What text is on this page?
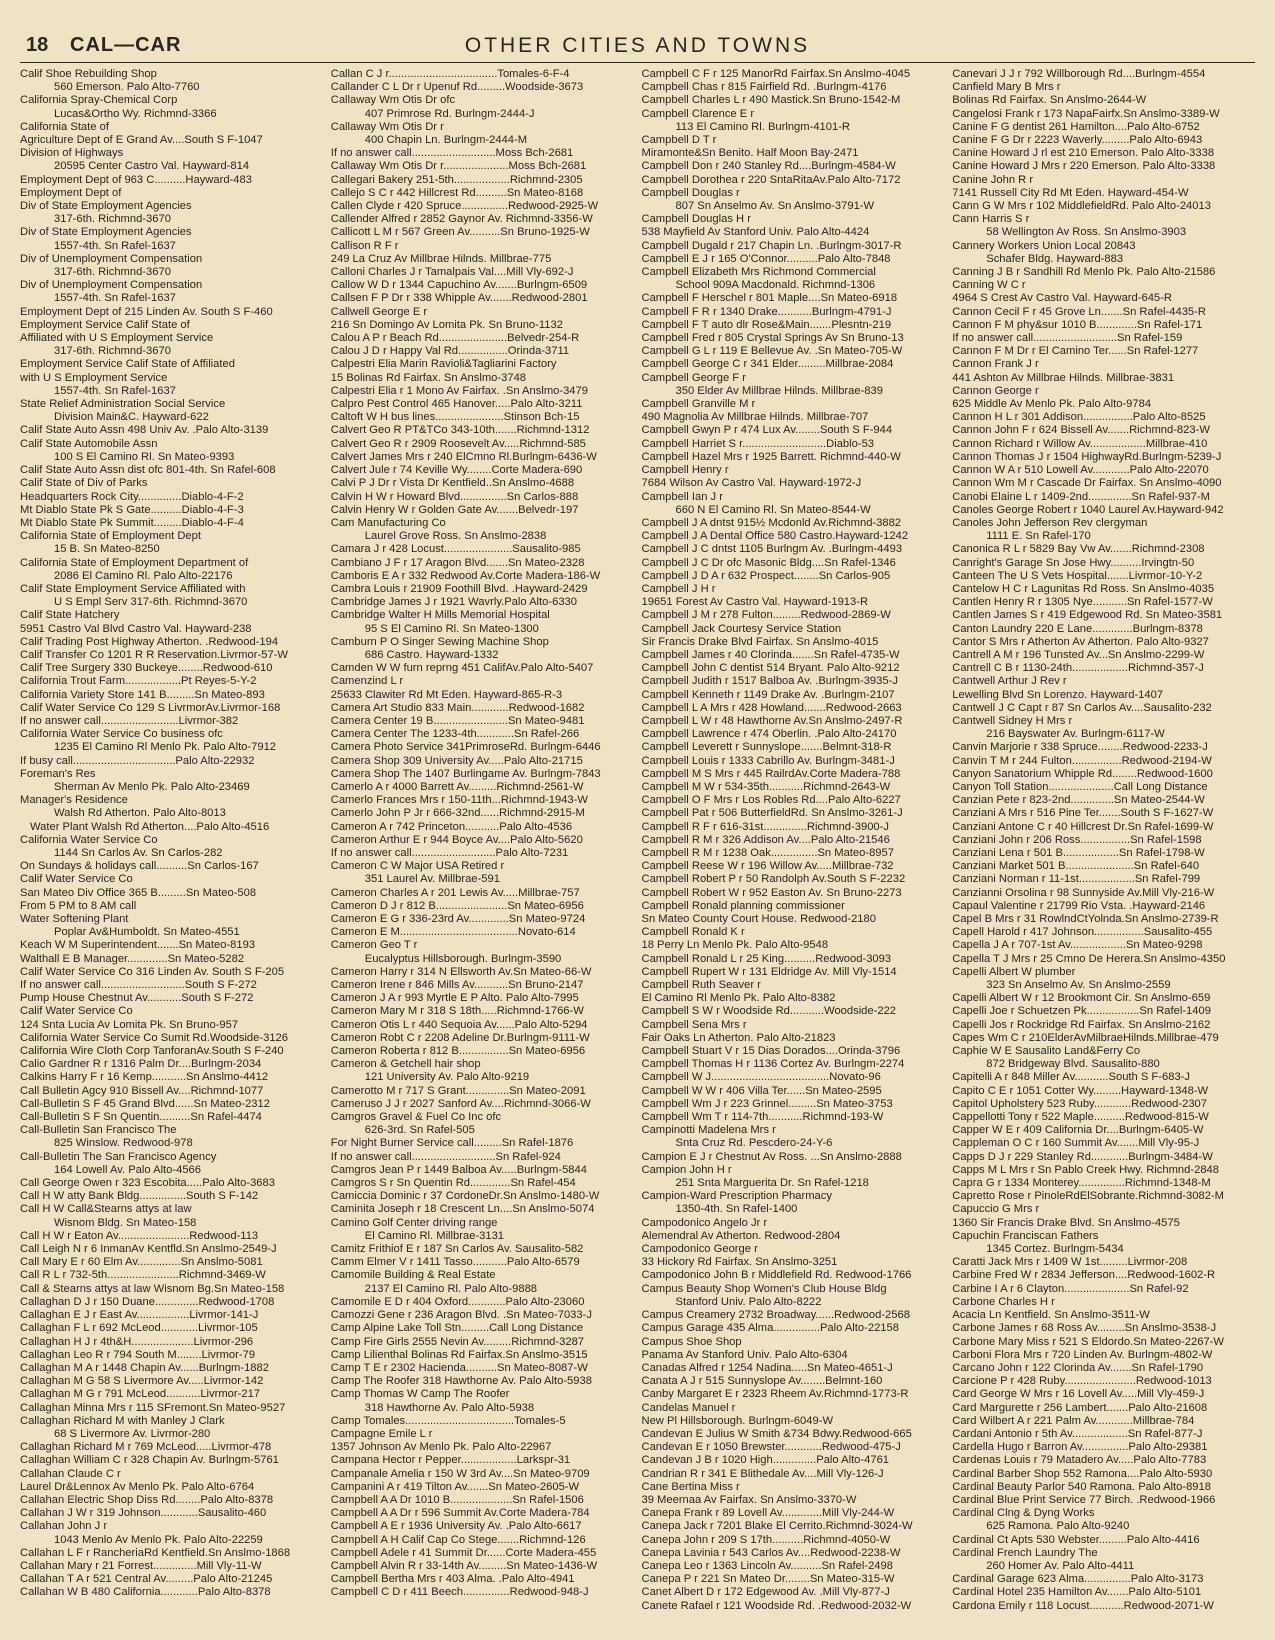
18 CAL—CAR	OTHER CITIES AND TOWNS
Calif Shoe Rebuilding Shop
560 Emerson. Palo Alto-7760
California Spray-Chemical Corp
Lucas&Ortho Wy. Richmnd-3366
California State of
Agriculture Dept of E Grand Av....South S F-1047
Division of Highways
20595 Center Castro Val. Hayward-814
Employment Dept of 963 C..........Hayward-483
Employment Dept of
Div of State Employment Agencies
317-6th. Richmnd-3670
Div of State Employment Agencies
1557-4th. Sn Rafel-1637
Div of Unemployment Compensation
317-6th. Richmnd-3670
Div of Unemployment Compensation
1557-4th. Sn Rafel-1637
Employment Dept of 215 Linden Av. South S F-460
Employment Service Calif State of
Affiliated with U S Employment Service
317-6th. Richmnd-3670
Employment Service Calif State of Affiliated
with U S Employment Service
1557-4th. Sn Rafel-1637
State Relief Administration Social Service
Division Main&C. Hayward-622
Calif State Auto Assn 498 Univ Av. .Palo Alto-3139
Calif State Automobile Assn
100 S El Camino Rl. Sn Mateo-9393
Calif State Auto Assn dist ofc 801-4th. Sn Rafel-608
Calif State of Div of Parks
Headquarters Rock City..............Diablo-4-F-2
Mt Diablo State Pk S Gate..........Diablo-4-F-3
Mt Diablo State Pk Summit.........Diablo-4-F-4
California State of Employment Dept
15 B. Sn Mateo-8250
California State of Employment Department of
2086 El Camino Rl. Palo Alto-22176
Calif State Employment Service Affiliated with
U S Empl Serv 317-6th. Richmnd-3670
Calif State Hatchery
5951 Castro Val Blvd Castro Val. Hayward-238
Calif Trading Post Highway Atherton. .Redwood-194
Calif Transfer Co 1201 R R Reservation.Livrmor-57-W
Calif Tree Surgery 330 Buckeye........Redwood-610
California Trout Farm..................Pt Reyes-5-Y-2
California Variety Store 141 B.........Sn Mateo-893
Calif Water Service Co 129 S LivrmorAv.Livrmor-168
If no answer call.........................Livrmor-382
California Water Service Co business ofc
1235 El Camino Rl Menlo Pk. Palo Alto-7912
If busy call.................................Palo Alto-22932
Foreman's Res
Sherman Av Menlo Pk. Palo Alto-23469
Manager's Residence
Walsh Rd Atherton. Palo Alto-8013
Water Plant Walsh Rd Atherton....Palo Alto-4516
California Water Service Co
1144 Sn Carlos Av. Sn Carlos-282
On Sundays & holidays call..........Sn Carlos-167
Calif Water Service Co
San Mateo Div Office 365 B.........Sn Mateo-508
From 5 PM to 8 AM call
Water Softening Plant
Poplar Av&Humboldt. Sn Mateo-4551
Keach W M Superintendent.......Sn Mateo-8193
Walthall E B Manager.............Sn Mateo-5282
Calif Water Service Co 316 Linden Av. South S F-205
If no answer call...........................South S F-272
Pump House Chestnut Av...........South S F-272
Calif Water Service Co
124 Snta Lucia Av Lomita Pk. Sn Bruno-957
California Water Service Co Sumit Rd.Woodside-3126
California Wire Cloth Corp TanforanAv.South S F-240
Calio Gardner R r 1316 Palm Dr....Burlngm-2034
Calkins Harry F r 16 Kemp...........Sn Anslmo-4412
Call Bulletin Agcy 910 Bissell Av....Richmnd-1077
Call-Bulletin S F 45 Grand Blvd......Sn Mateo-2312
Call-Bulletin S F Sn Quentin..........Sn Rafel-4474
Call-Bulletin San Francisco The
825 Winslow. Redwood-978
Call-Bulletin The San Francisco Agency
164 Lowell Av. Palo Alto-4566
Call George Owen r 323 Escobita.....Palo Alto-3683
Call H W atty Bank Bldg...............South S F-142
Call H W Call&Stearns attys at law
Wisnom Bldg. Sn Mateo-158
Call H W r Eaton Av.......................Redwood-113
Call Leigh N r 6 InmanAv Kentfld.Sn Anslmo-2549-J
Call Mary E r 60 Elm Av..............Sn Anslmo-5081
Call R L r 732-5th.......................Richmnd-3469-W
Call & Stearns attys at law Wisnom Bg.Sn Mateo-158
Callaghan D J r 150 Duane..............Redwood-1708
Callaghan E J r East Av.................Livrmor-141-J
Callaghan F L r 692 McLeod............Livrmor-105
Callaghan H J r 4th&H....................Livrmor-296
Callaghan Leo R r 794 South M........Livrmor-79
Callaghan M A r 1448 Chapin Av......Burlngm-1882
Callaghan M G 58 S Livermore Av.....Livrmor-142
Callaghan M G r 791 McLeod...........Livrmor-217
Callaghan Minna Mrs r 115 SFremont.Sn Mateo-9527
Callaghan Richard M with Manley J Clark
68 S Livermore Av. Livrmor-280
Callaghan Richard M r 769 McLeod.....Livrmor-478
Callaghan William C r 328 Chapin Av. Burlngm-5761
Callahan Claude C r
Laurel Dr&Lennox Av Menlo Pk. Palo Alto-6764
Callahan Electric Shop Diss Rd........Palo Alto-8378
Callahan J W r 319 Johnson............Sausalito-460
Callahan John J r
1043 Menlo Av Menlo Pk. Palo Alto-22259
Callahan L F r RancheriaRd Kentfield.Sn Anslmo-1868
Callahan Mary r 21 Forrest..............Mill Vly-11-W
Callahan T A r 521 Central Av.........Palo Alto-21245
Callahan W B 480 California............Palo Alto-8378
Callan C J r...................................Tomales-6-F-4
Callander C L Dr r Upenuf Rd.........Woodside-3673
Callaway Wm Otis Dr ofc
407 Primrose Rd. Burlngm-2444-J
Callaway Wm Otis Dr r
400 Chapin Ln. Burlngm-2444-M
If no answer call...........................Moss Bch-2681
Callaway Wm Otis Dr r.....................Moss Bch-2681
Callegari Bakery 251-5th..................Richmnd-2305
Callejo S C r 442 Hillcrest Rd..........Sn Mateo-8168
Callen Clyde r 420 Spruce...............Redwood-2925-W
Callender Alfred r 2852 Gaynor Av. Richmnd-3356-W
Callicott L M r 567 Green Av..........Sn Bruno-1925-W
Callison R F r
249 La Cruz Av Millbrae Hilnds. Millbrae-775
Calloni Charles J r Tamalpais Val....Mill Vly-692-J
Callow W D r 1344 Capuchino Av.......Burlngm-6509
Callsen F P Dr r 338 Whipple Av.......Redwood-2801
Callwell George E r
216 Sn Domingo Av Lomita Pk. Sn Bruno-1132
Calou A P r Beach Rd......................Belvedr-254-R
Calou J D r Happy Val Rd................Orinda-3711
Calpestri Elia Marin Ravioli&Tagliarini Factory
15 Bolinas Rd Fairfax. Sn Anslmo-3748
Calpestri Elia r 1 Mono Av Fairfax. .Sn Anslmo-3479
Calpro Pest Control 465 Hanover.....Palo Alto-3211
Caltoft W H bus lines......................Stinson Bch-15
Calvert Geo R PT&TCo 343-10th.......Richmnd-1312
Calvert Geo R r 2909 Roosevelt Av.....Richmnd-585
Calvert James Mrs r 240 ElCmno Rl.Burlngm-6436-W
Calvert Jule r 74 Keville Wy........Corte Madera-690
Calvi P J Dr r Vista Dr Kentfield..Sn Anslmo-4688
Calvin H W r Howard Blvd...............Sn Carlos-888
Calvin Henry W r Golden Gate Av.......Belvedr-197
Cam Manufacturing Co
Laurel Grove Ross. Sn Anslmo-2838
Camara J r 428 Locust......................Sausalito-985
Cambiano J F r 17 Aragon Blvd.......Sn Mateo-2328
Camboris E A r 332 Redwood Av.Corte Madera-186-W
Cambra Louis r 21909 Foothill Blvd. .Hayward-2429
Cambridge James J r 1921 Wavrly.Palo Alto-6330
Cambridge Walter H Mills Memorial Hospital
95 S El Camino Rl. Sn Mateo-1300
Camburn P O Singer Sewing Machine Shop
686 Castro. Hayward-1332
Camden W W furn reprng 451 CalifAv.Palo Alto-5407
Camenzind L r
25633 Clawiter Rd Mt Eden. Hayward-865-R-3
Camera Art Studio 833 Main............Redwood-1682
Camera Center 19 B........................Sn Mateo-9481
Camera Center The 1233-4th............Sn Rafel-266
Camera Photo Service 341PrimroseRd. Burlngm-6446
Camera Shop 309 University Av.....Palo Alto-21715
Camera Shop The 1407 Burlingame Av. Burlngm-7843
Camerlo A r 4000 Barrett Av.........Richmnd-2561-W
Camerlo Frances Mrs r 150-11th...Richmnd-1943-W
Camerlo John P Jr r 666-32nd......Richmnd-2915-M
Cameron A r 742 Princeton...........Palo Alto-4536
Cameron Arthur E r 944 Boyce Av....Palo Alto-5620
If no answer call...........................Palo Alto-7231
Cameron C W Major USA Retired r
351 Laurel Av. Millbrae-591
Cameron Charles A r 201 Lewis Av.....Millbrae-757
Cameron D J r 812 B.......................Sn Mateo-6956
Cameron E G r 336-23rd Av.............Sn Mateo-9724
Cameron E M......................................Novato-614
Cameron Geo T r
Eucalyptus Hillsborough. Burlngm-3590
Cameron Harry r 314 N Ellsworth Av.Sn Mateo-66-W
Cameron Irene r 846 Mills Av...........Sn Bruno-2147
Cameron J A r 993 Myrtle E P Alto. Palo Alto-7995
Cameron Mary M r 318 S 18th.....Richmnd-1766-W
Cameron Otis L r 440 Sequoia Av......Palo Alto-5294
Cameron Robt C r 2208 Adeline Dr.Burlngm-9111-W
Cameron Roberta r 812 B................Sn Mateo-6956
Cameron & Getchell hair shop
121 University Av. Palo Alto-9219
Camerotto M r 717 S Grant..............Sn Mateo-2091
Cameruso J J r 2027 Sanford Av....Richmnd-3066-W
Camgros Gravel & Fuel Co Inc ofc
626-3rd. Sn Rafel-505
For Night Burner Service call.........Sn Rafel-1876
If no answer call...........................Sn Rafel-924
Camgros Jean P r 1449 Balboa Av.....Burlngm-5844
Camgros S r Sn Quentin Rd.............Sn Rafel-454
Camiccia Dominic r 37 CordoneDr.Sn Anslmo-1480-W
Caminita Joseph r 18 Crescent Ln....Sn Anslmo-5074
Camino Golf Center driving range
El Camino Rl. Millbrae-3131
Camitz Frithiof E r 187 Sn Carlos Av. Sausalito-582
Camm Elmer V r 1411 Tasso...........Palo Alto-6579
Camomile Building & Real Estate
2137 El Camino Rl. Palo Alto-9888
Camomile E D r 404 Oxford............Palo Alto-23060
Camozzi Gene r 236 Aragon Blvd. .Sn Mateo-7033-J
Camp Alpine Lake Toll Stn.........Call Long Distance
Camp Fire Girls 2555 Nevin Av.........Richmnd-3287
Camp Lilienthal Bolinas Rd Fairfax.Sn Anslmo-3515
Camp T E r 2302 Hacienda..........Sn Mateo-8087-W
Camp The Roofer 318 Hawthorne Av. Palo Alto-5938
Camp Thomas W Camp The Roofer
318 Hawthorne Av. Palo Alto-5938
Camp Tomales...................................Tomales-5
Campagne Emile L r
1357 Johnson Av Menlo Pk. Palo Alto-22967
Campana Hector r Pepper..................Larkspr-31
Campanale Amelia r 150 W 3rd Av....Sn Mateo-9709
Campanini A r 419 Tilton Av.......Sn Mateo-2605-W
Campbell A A Dr 1010 B....................Sn Rafel-1506
Campbell A A Dr r 596 Summit Av.Corte Madera-784
Campbell A E r 1936 University Av. .Palo Alto-6617
Campbell A H Calif Cap Co Stege.......Richmnd-126
Campbell Adele r 41 Summit Dr......Corte Madera-455
Campbell Alvin R r 33-14th Av.........Sn Mateo-1436-W
Campbell Bertha Mrs r 403 Alma. .Palo Alto-4941
Campbell C D r 411 Beech...............Redwood-948-J
Campbell C F r 125 ManorRd Fairfax.Sn Anslmo-4045
Campbell Chas r 815 Fairfield Rd. .Burlngm-4176
Campbell Charles L r 490 Mastick.Sn Bruno-1542-M
Campbell Clarence E r
113 El Camino Rl. Burlngm-4101-R
Campbell D T r
Miramonte&Sn Benito. Half Moon Bay-2471
Campbell Don r 240 Stanley Rd....Burlngm-4584-W
Campbell Dorothea r 220 SntaRitaAv.Palo Alto-7172
Campbell Douglas r
807 Sn Anselmo Av. Sn Anslmo-3791-W
Campbell Douglas H r
538 Mayfield Av Stanford Univ. Palo Alto-4424
Campbell Dugald r 217 Chapin Ln. .Burlngm-3017-R
Campbell E J r 165 O'Connor..........Palo Alto-7848
Campbell Elizabeth Mrs Richmond Commercial
School 909A Macdonald. Richmnd-1306
Campbell F Herschel r 801 Maple....Sn Mateo-6918
Campbell F R r 1340 Drake...........Burlngm-4791-J
Campbell F T auto dlr Rose&Main.......Plesntn-219
Campbell Fred r 805 Crystal Springs Av Sn Bruno-13
Campbell G L r 119 E Bellevue Av. .Sn Mateo-705-W
Campbell George C r 341 Elder.........Millbrae-2084
Campbell George F r
350 Elder Av Millbrae Hilnds. Millbrae-839
Campbell Granville M r
490 Magnolia Av Millbrae Hilnds. Millbrae-707
Campbell Gwyn P r 474 Lux Av........South S F-944
Campbell Harriet S r...........................Diablo-53
Campbell Hazel Mrs r 1925 Barrett. Richmnd-440-W
Campbell Henry r
7684 Wilson Av Castro Val. Hayward-1972-J
Campbell Ian J r
660 N El Camino Rl. Sn Mateo-8544-W
Campbell J A dntst 915½ Mcdonld Av.Richmnd-3882
Campbell J A Dental Office 580 Castro.Hayward-1242
Campbell J C dntst 1105 Burlngm Av. .Burlngm-4493
Campbell J C Dr ofc Masonic Bldg....Sn Rafel-1346
Campbell J D A r 632 Prospect........Sn Carlos-905
Campbell J H r
19651 Forest Av Castro Val. Hayward-1913-R
Campbell J M r 278 Fulton.........Redwood-2869-W
Campbell Jack Courtesy Service Station
Sir Francis Drake Blvd Fairfax. Sn Anslmo-4015
Campbell James r 40 Clorinda.......Sn Rafel-4735-W
Campbell John C dentist 514 Bryant. Palo Alto-9212
Campbell Judith r 1517 Balboa Av. .Burlngm-3935-J
Campbell Kenneth r 1149 Drake Av. .Burlngm-2107
Campbell L A Mrs r 428 Howland.......Redwood-2663
Campbell L W r 48 Hawthorne Av.Sn Anslmo-2497-R
Campbell Lawrence r 474 Oberlin. .Palo Alto-24170
Campbell Leverett r Sunnyslope.......Belmnt-318-R
Campbell Louis r 1333 Cabrillo Av. Burlngm-3481-J
Campbell M S Mrs r 445 RailrdAv.Corte Madera-788
Campbell M W r 534-35th...........Richmnd-2643-W
Campbell O F Mrs r Los Robles Rd....Palo Alto-6227
Campbell Pat r 506 ButterfieldRd. Sn Anslmo-3261-J
Campbell R F r 616-31st..............Richmnd-3900-J
Campbell R M r 326 Addison Av....Palo Alto-21546
Campbell R M r 1238 Oak...............Sn Mateo-8957
Campbell Reese W r 196 Willow Av.....Millbrae-732
Campbell Robert P r 50 Randolph Av.South S F-2232
Campbell Robert W r 952 Easton Av. Sn Bruno-2273
Campbell Ronald planning commissioner
Sn Mateo County Court House. Redwood-2180
Campbell Ronald K r
18 Perry Ln Menlo Pk. Palo Alto-9548
Campbell Ronald L r 25 King..........Redwood-3093
Campbell Rupert W r 131 Eldridge Av. Mill Vly-1514
Campbell Ruth Seaver r
El Camino Rl Menlo Pk. Palo Alto-8382
Campbell S W r Woodside Rd...........Woodside-222
Campbell Sena Mrs r
Fair Oaks Ln Atherton. Palo Alto-21823
Campbell Stuart V r 15 Dias Dorados....Orinda-3796
Campbell Thomas H r 1136 Cortez Av. Burlngm-2274
Campbell W J......................................Novato-96
Campbell W W r 406 Villa Ter......Sn Mateo-2595
Campbell Wm J r 223 Grinnel.........Sn Mateo-3753
Campbell Wm T r 114-7th...........Richmnd-193-W
Campinotti Madelena Mrs r
Snta Cruz Rd. Pescdero-24-Y-6
Campion E J r Chestnut Av Ross. ...Sn Anslmo-2888
Campion John H r
251 Snta Marguerita Dr. Sn Rafel-1218
Campion-Ward Prescription Pharmacy
1350-4th. Sn Rafel-1400
Campodonico Angelo Jr r
Alemendral Av Atherton. Redwood-2804
Campodonico George r
33 Hickory Rd Fairfax. Sn Anslmo-3251
Campodonico John B r Middlefield Rd. Redwood-1766
Campus Beauty Shop Women's Club House Bldg
Stanford Univ. Palo Alto-8222
Campus Creamery 2732 Broadway......Redwood-2568
Campus Garage 435 Alma...............Palo Alto-22158
Campus Shoe Shop
Panama Av Stanford Univ. Palo Alto-6304
Canadas Alfred r 1254 Nadina.....Sn Mateo-4651-J
Canata A J r 515 Sunnyslope Av........Belmnt-160
Canby Margaret E r 2323 Rheem Av.Richmnd-1773-R
Candelas Manuel r
New Pl Hillsborough. Burlngm-6049-W
Candevan E Julius W Smith &734 Bdwy.Redwood-665
Candevan E r 1050 Brewster............Redwood-475-J
Candevan J B r 1020 High..............Palo Alto-4761
Candrian R r 341 E Blithedale Av....Mill Vly-126-J
Cane Bertina Miss r
39 Meernaa Av Fairfax. Sn Anslmo-3370-W
Canepa Frank r 89 Lovell Av.............Mill Vly-244-W
Canepa Jack r 7201 Blake El Cerrito.Richmnd-3024-W
Canepa John r 209 S 17th..........Richmnd-4050-W
Canepa Lavinia r 543 Carlos Av....Redwood-2238-W
Canepa Leo r 1363 Lincoln Av..........Sn Rafel-2498
Canepa P r 221 Sn Mateo Dr........Sn Mateo-315-W
Canet Albert D r 172 Edgewood Av. .Mill Vly-877-J
Canete Rafael r 121 Woodside Rd. .Redwood-2032-W
Canevari J J r 792 Willborough Rd....Burlngm-4554
Canfield Mary B Mrs r
Bolinas Rd Fairfax. Sn Anslmo-2644-W
Cangelosi Frank r 173 NapaFairfx.Sn Anslmo-3389-W
Canine F G dentist 261 Hamilton....Palo Alto-6752
Canine F G Dr r 2223 Waverly.........Palo Alto-6943
Canine Howard J rl est 210 Emerson. Palo Alto-3338
Canine Howard J Mrs r 220 Emerson. Palo Alto-3338
Canine John R r
7141 Russell City Rd Mt Eden. Hayward-454-W
Cann G W Mrs r 102 MiddlefieldRd. Palo Alto-24013
Cann Harris S r
58 Wellington Av Ross. Sn Anslmo-3903
Cannery Workers Union Local 20843
Schafer Bldg. Hayward-883
Canning J B r Sandhill Rd Menlo Pk. Palo Alto-21586
Canning W C r
4964 S Crest Av Castro Val. Hayward-645-R
Cannon Cecil F r 45 Grove Ln.......Sn Rafel-4435-R
Cannon F M phy&sur 1010 B.............Sn Rafel-171
If no answer call...........................Sn Rafel-159
Cannon F M Dr r El Camino Ter......Sn Rafel-1277
Cannon Frank J r
441 Ashton Av Millbrae Hilnds. Millbrae-3831
Cannon George r
625 Middle Av Menlo Pk. Palo Alto-9784
Cannon H L r 301 Addison................Palo Alto-8525
Cannon John F r 624 Bissell Av.......Richmnd-823-W
Cannon Richard r Willow Av..................Millbrae-410
Cannon Thomas J r 1504 HighwayRd.Burlngm-5239-J
Cannon W A r 510 Lowell Av............Palo Alto-22070
Cannon Wm M r Cascade Dr Fairfax. Sn Anslmo-4090
Canobi Elaine L r 1409-2nd..............Sn Rafel-937-M
Canoles George Robert r 1040 Laurel Av.Hayward-942
Canoles John Jefferson Rev clergyman
1111 E. Sn Rafel-170
Canonica R L r 5829 Bay Vw Av.......Richmnd-2308
Canright's Garage Sn Jose Hwy..........Irvingtn-50
Canteen The U S Vets Hospital.......Livrmor-10-Y-2
Cantelow H C r Lagunitas Rd Ross. Sn Anslmo-4035
Cantlen Henry R r 1305 Nye...........Sn Rafel-1577-W
Cantlen James S r 419 Edgewood Rd. Sn Mateo-3581
Canton Laundry 220 E Lane.............Burlngm-8378
Cantor S Mrs r Atherton Av Atherton. Palo Alto-9327
Cantrell A M r 196 Tunsted Av...Sn Anslmo-2299-W
Cantrell C B r 1130-24th..................Richmnd-357-J
Cantwell Arthur J Rev r
Lewelling Blvd Sn Lorenzo. Hayward-1407
Cantwell J C Capt r 87 Sn Carlos Av....Sausalito-232
Cantwell Sidney H Mrs r
216 Bayswater Av. Burlngm-6117-W
Canvin Marjorie r 338 Spruce........Redwood-2233-J
Canvin T M r 244 Fulton................Redwood-2194-W
Canyon Sanatorium Whipple Rd........Redwood-1600
Canyon Toll Station.....................Call Long Distance
Canzian Pete r 823-2nd..............Sn Mateo-2544-W
Canziani A Mrs r 516 Pine Ter.......South S F-1627-W
Canziani Antone C r 40 Hillcrest Dr.Sn Rafel-1699-W
Canziani John r 206 Ross................Sn Rafel-1598
Canziani Lena r 501 B..................Sn Rafel-1798-W
Canziani Market 501 B......................Sn Rafel-640
Canziani Norman r 11-1st..................Sn Rafel-799
Canzianni Orsolina r 98 Sunnyside Av.Mill Vly-216-W
Capaul Valentine r 21799 Rio Vsta. .Hayward-2146
Capel B Mrs r 31 RowlndCtYolnda.Sn Anslmo-2739-R
Capell Harold r 417 Johnson................Sausalito-455
Capella J A r 707-1st Av..................Sn Mateo-9298
Capella T J Mrs r 25 Cmno De Herera.Sn Anslmo-4350
Capelli Albert W plumber
323 Sn Anselmo Av. Sn Anslmo-2559
Capelli Albert W r 12 Brookmont Cir. Sn Anslmo-659
Capelli Joe r Schuetzen Pk.................Sn Rafel-1409
Capelli Jos r Rockridge Rd Fairfax. Sn Anslmo-2162
Capes Wm C r 210ElderAvMilbraeHilnds.Millbrae-479
Caphie W E Sausalito Land&Ferry Co
872 Bridgeway Blvd. Sausalito-880
Capitelli A r 848 Miller Av...........South S F-683-J
Capito C E r 1051 Cotter Wy.........Hayward-1348-W
Capitol Upholstery 523 Ruby............Redwood-2307
Cappellotti Tony r 522 Maple..........Redwood-815-W
Capper W E r 409 California Dr....Burlngm-6405-W
Cappleman O C r 160 Summit Av.......Mill Vly-95-J
Capps D J r 229 Stanley Rd............Burlngm-3484-W
Capps M L Mrs r Sn Pablo Creek Hwy. Richmnd-2848
Capra G r 1334 Monterey...............Richmnd-1348-M
Capretto Rose r PinoleRdElSobrante.Richmnd-3082-M
Capuccio G Mrs r
1360 Sir Francis Drake Blvd. Sn Anslmo-4575
Capuchin Franciscan Fathers
1345 Cortez. Burlngm-5434
Caratti Jack Mrs r 1409 W 1st.........Livrmor-208
Carbine Fred W r 2834 Jefferson....Redwood-1602-R
Carbine I A r 6 Clayton.....................Sn Rafel-92
Carbone Charles H r
Acacia Ln Kentfield. Sn Anslmo-3511-W
Carbone James r 68 Ross Av.........Sn Anslmo-3538-J
Carbone Mary Miss r 521 S Eldordo.Sn Mateo-2267-W
Carboni Flora Mrs r 720 Linden Av. Burlngm-4802-W
Carcano John r 122 Clorinda Av.......Sn Rafel-1790
Carcione P r 428 Ruby.......................Redwood-1013
Card George W Mrs r 16 Lovell Av.....Mill Vly-459-J
Card Margurette r 256 Lambert.......Palo Alto-21608
Card Wilbert A r 221 Palm Av............Millbrae-784
Cardani Antonio r 5th Av..................Sn Rafel-877-J
Cardella Hugo r Barron Av...............Palo Alto-29381
Cardenas Louis r 79 Matadero Av.....Palo Alto-7783
Cardinal Barber Shop 552 Ramona....Palo Alto-5930
Cardinal Beauty Parlor 540 Ramona. Palo Alto-8918
Cardinal Blue Print Service 77 Birch. .Redwood-1966
Cardinal Clng & Dyng Works
625 Ramona. Palo Alto-9240
Cardinal Ct Apts 530 Webster.........Palo Alto-4416
Cardinal French Laundry The
260 Homer Av. Palo Alto-4411
Cardinal Garage 623 Alma...............Palo Alto-3173
Cardinal Hotel 235 Hamilton Av.......Palo Alto-5101
Cardona Emily r 118 Locust...........Redwood-2071-W
